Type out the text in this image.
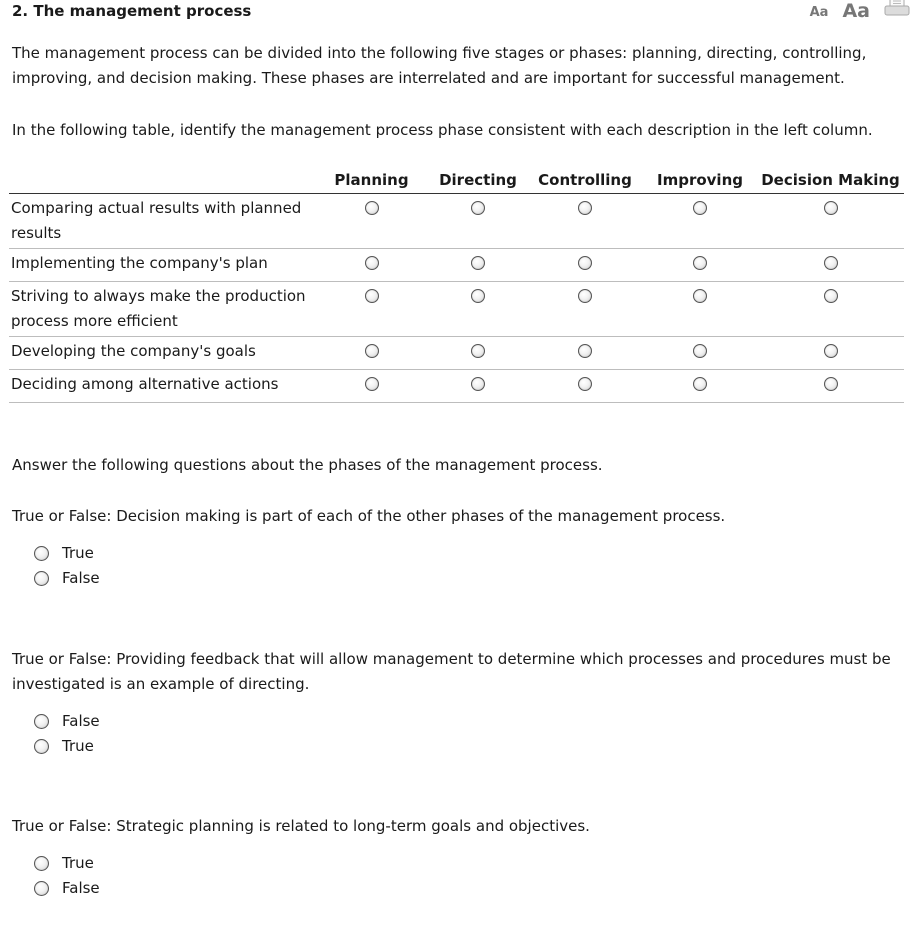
2. The management process	Aa Aa
The management process can be divided into the following five stages or phases: planning, directing, controlling, improving, and decision making. These phases are interrelated and are important for successful management.
In the following table, identify the management process phase consistent with each description in the left column.
	Planning	Directing	Controlling	Improving	Decision Making
Comparing actual results with planned results					
Implementing the company's plan					
Striving to always make the production process more efficient					
Developing the company's goals					
Deciding among alternative actions					
Answer the following questions about the phases of the management process.
True or False: Decision making is part of each of the other phases of the management process.
True
False
True or False: Providing feedback that will allow management to determine which processes and procedures must be investigated is an example of directing.
False
True
True or False: Strategic planning is related to long-term goals and objectives.
True
False
